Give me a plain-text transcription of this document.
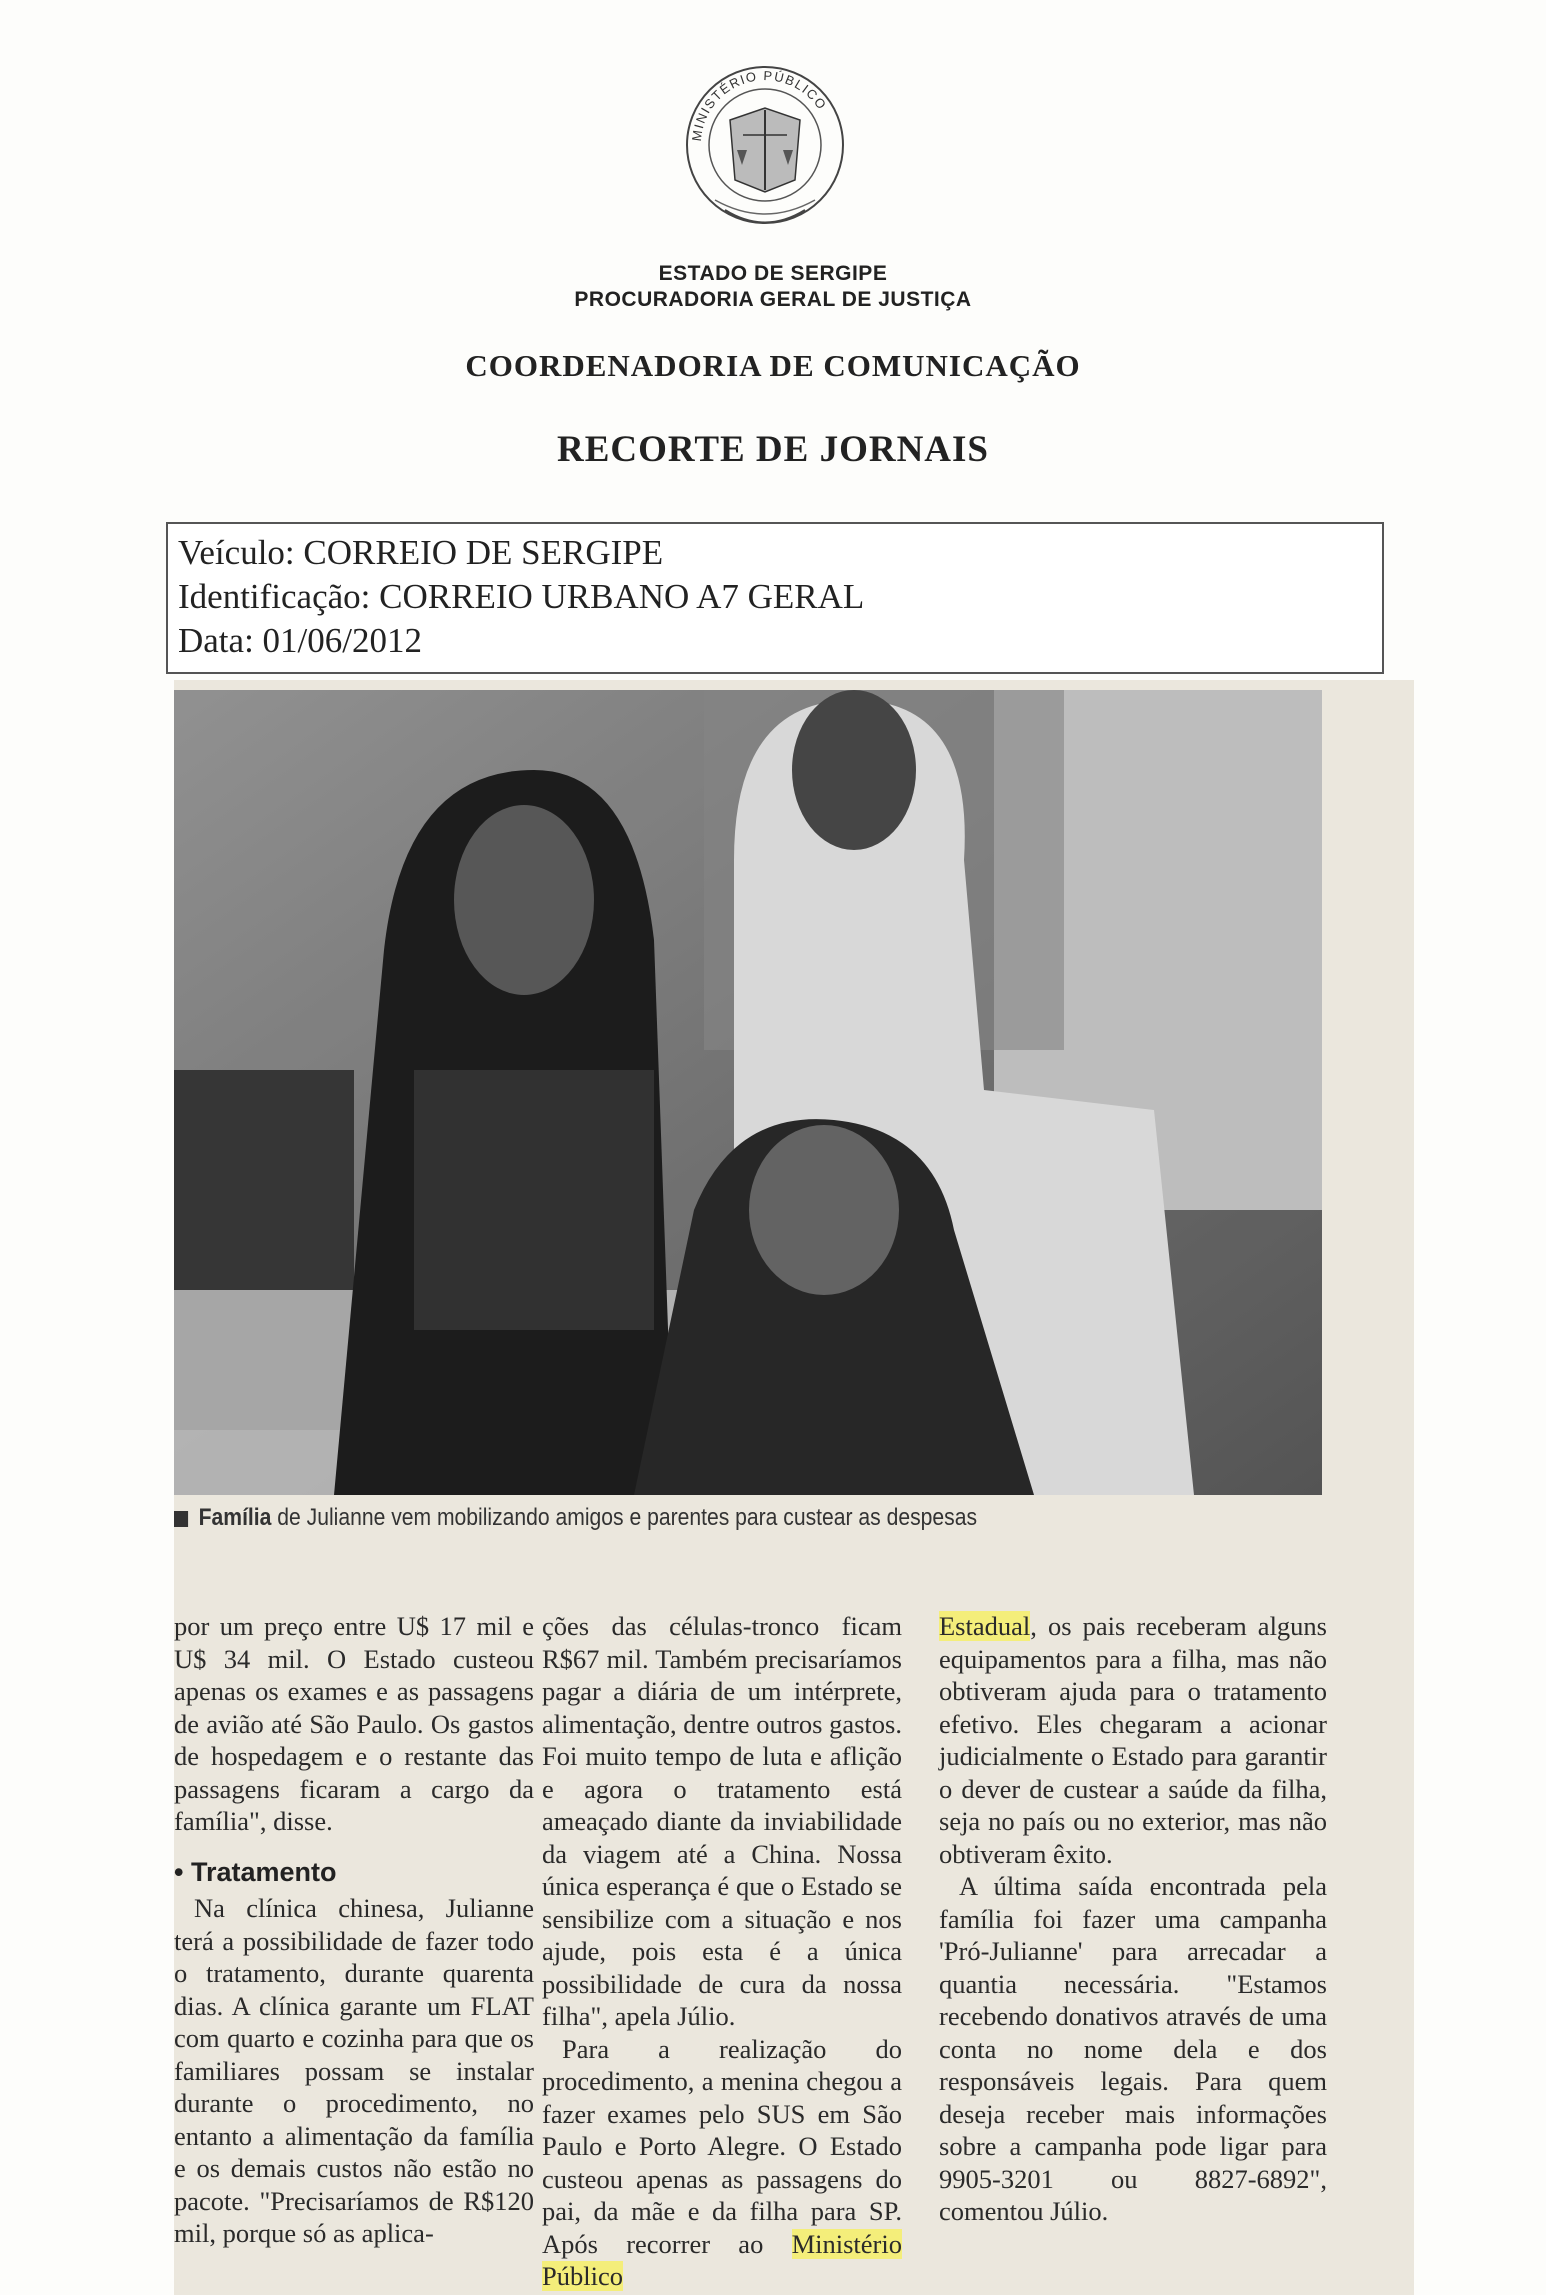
MINISTÉRIO PÚBLICO
ESTADO DE SERGIPE
PROCURADORIA GERAL DE JUSTIÇA
COORDENADORIA DE COMUNICAÇÃO
RECORTE DE JORNAIS
Veículo: CORREIO DE SERGIPE
Identificação: CORREIO URBANO A7 GERAL
Data: 01/06/2012
Família de Julianne vem mobilizando amigos e parentes para custear as despesas

por um preço entre U$ 17 mil e U$ 34 mil. O Estado custeou apenas os exames e as passagens de avião até São Paulo. Os gastos de hospedagem e o restante das passagens ficaram a cargo da família", disse.

• Tratamento

Na clínica chinesa, Julianne terá a possibilidade de fazer todo o tratamento, durante quarenta dias. A clínica garante um FLAT com quarto e cozinha para que os familiares possam se instalar durante o procedimento, no entanto a alimentação da família e os demais custos não estão no pacote. "Precisaríamos de R$120 mil, porque só as aplica-

ções das células-tronco ficam R$67 mil. Também precisaríamos pagar a diária de um intérprete, alimentação, dentre outros gastos. Foi muito tempo de luta e aflição e agora o tratamento está ameaçado diante da inviabilidade da viagem até a China. Nossa única esperança é que o Estado se sensibilize com a situação e nos ajude, pois esta é a única possibilidade de cura da nossa filha", apela Júlio.

Para a realização do procedimento, a menina chegou a fazer exames pelo SUS em São Paulo e Porto Alegre. O Estado custeou apenas as passagens do pai, da mãe e da filha para SP. Após recorrer ao Ministério Público

Estadual, os pais receberam alguns equipamentos para a filha, mas não obtiveram ajuda para o tratamento efetivo. Eles chegaram a acionar judicialmente o Estado para garantir o dever de custear a saúde da filha, seja no país ou no exterior, mas não obtiveram êxito.

A última saída encontrada pela família foi fazer uma campanha 'Pró-Julianne' para arrecadar a quantia necessária. "Estamos recebendo donativos através de uma conta no nome dela e dos responsáveis legais. Para quem deseja receber mais informações sobre a campanha pode ligar para 9905-3201 ou 8827-6892", comentou Júlio.
